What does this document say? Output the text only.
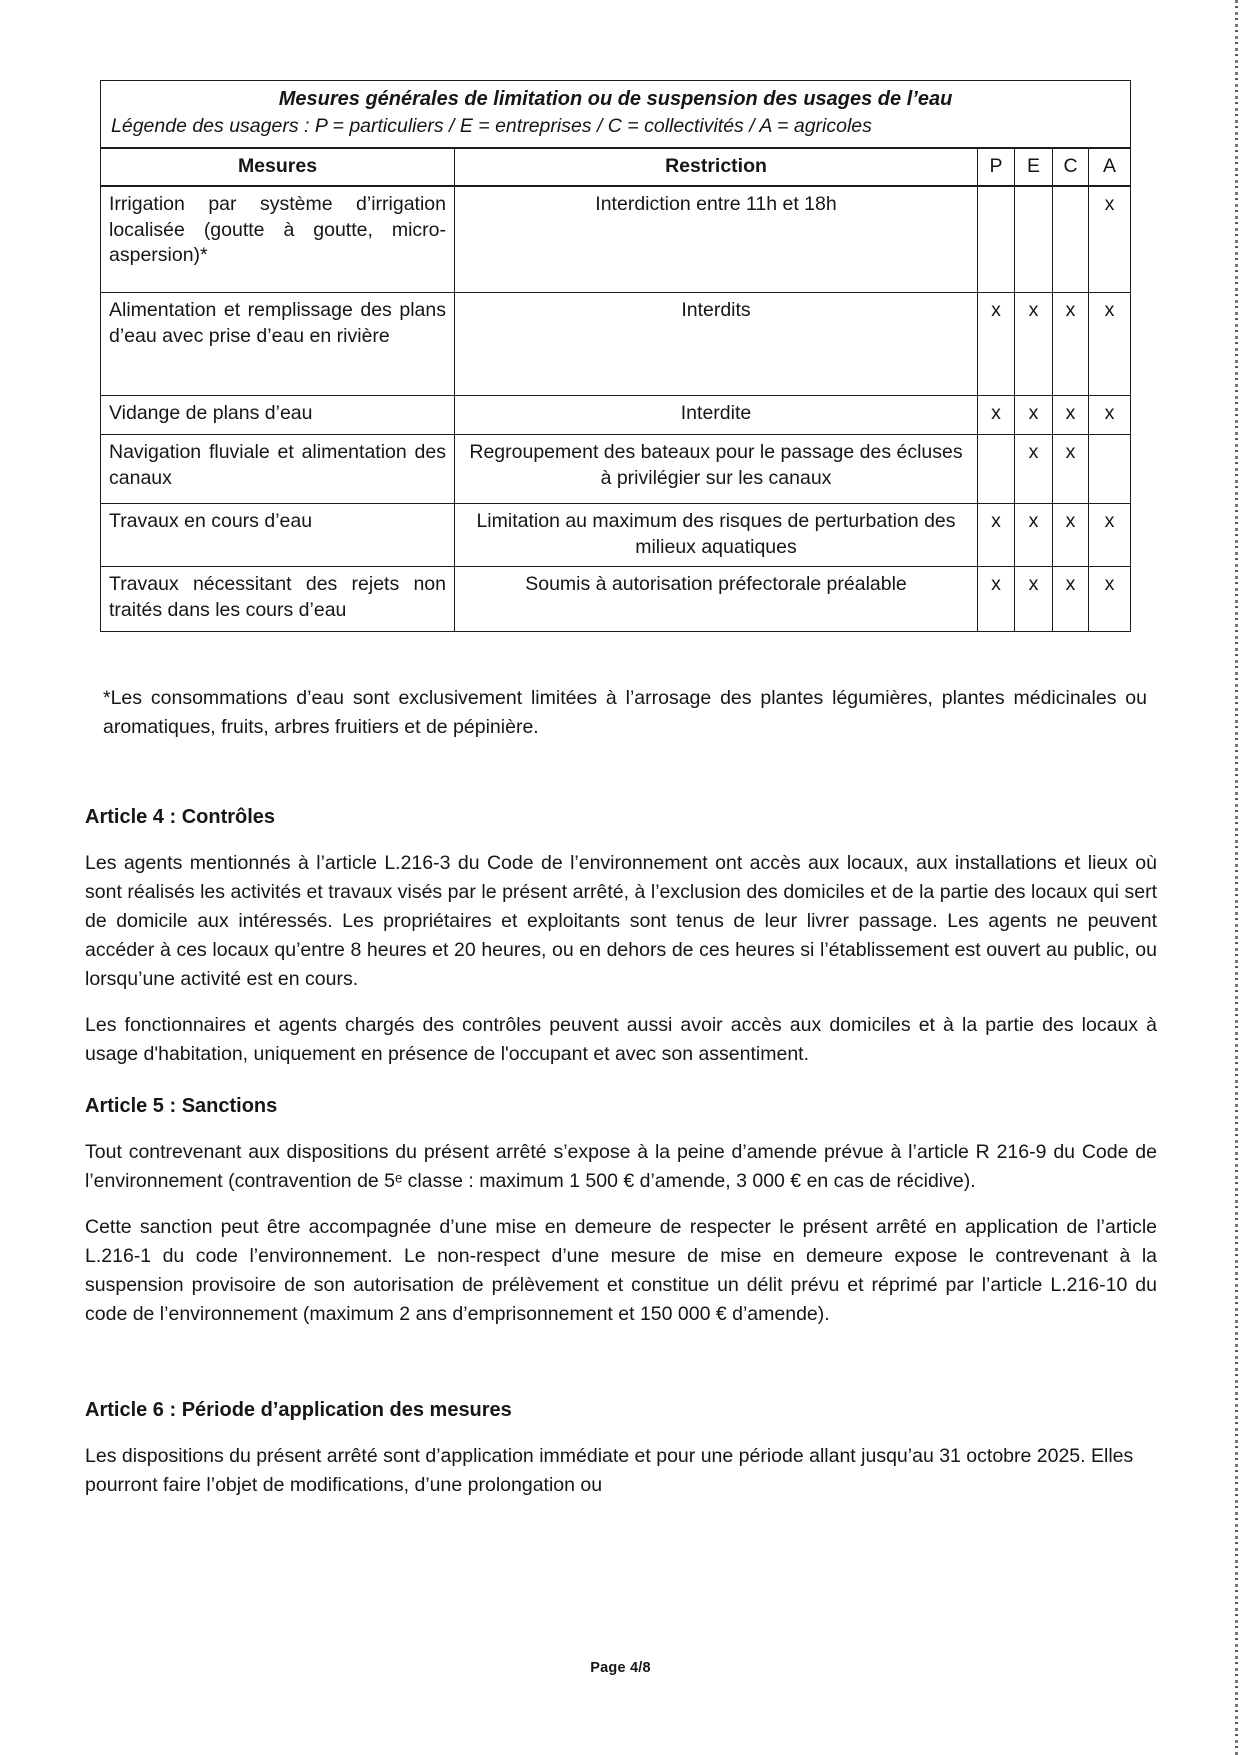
Mesures générales de limitation ou de suspension des usages de l’eau
Légende des usagers : P = particuliers / E = entreprises / C = collectivités / A = agricoles					

Mesures	Restriction	P	E	C	A
Irrigation par système d’irrigation localisée (goutte à goutte, micro-aspersion)*	Interdiction entre 11h et 18h				x
Alimentation et remplissage des plans d’eau avec prise d’eau en rivière	Interdits	x	x	x	x
Vidange de plans d’eau	Interdite	x	x	x	x
Navigation fluviale et alimentation des canaux	Regroupement des bateaux pour le passage des écluses à privilégier sur les canaux		x	x	
Travaux en cours d’eau	Limitation au maximum des risques de perturbation des milieux aquatiques	x	x	x	x
Travaux nécessitant des rejets non traités dans les cours d’eau	Soumis à autorisation préfectorale préalable	x	x	x	x

*Les consommations d’eau sont exclusivement limitées à l’arrosage des plantes légumières, plantes médicinales ou aromatiques, fruits, arbres fruitiers et de pépinière.

Article 4 : Contrôles

Les agents mentionnés à l’article L.216-3 du Code de l’environnement ont accès aux locaux, aux installations et lieux où sont réalisés les activités et travaux visés par le présent arrêté, à l’exclusion des domiciles et de la partie des locaux qui sert de domicile aux intéressés. Les propriétaires et exploitants sont tenus de leur livrer passage. Les agents ne peuvent accéder à ces locaux qu’entre 8 heures et 20 heures, ou en dehors de ces heures si l’établissement est ouvert au public, ou lorsqu’une activité est en cours.

Les fonctionnaires et agents chargés des contrôles peuvent aussi avoir accès aux domiciles et à la partie des locaux à usage d'habitation, uniquement en présence de l'occupant et avec son assentiment.

Article 5 : Sanctions

Tout contrevenant aux dispositions du présent arrêté s’expose à la peine d’amende prévue à l’article R 216-9 du Code de l’environnement (contravention de 5ᵉ classe : maximum 1 500 € d’amende, 3 000 € en cas de récidive).

Cette sanction peut être accompagnée d’une mise en demeure de respecter le présent arrêté en application de l’article L.216-1 du code l’environnement. Le non-respect d’une mesure de mise en demeure expose le contrevenant à la suspension provisoire de son autorisation de prélèvement et constitue un délit prévu et réprimé par l’article L.216-10 du code de l’environnement (maximum 2 ans d’emprisonnement et 150 000 € d’amende).

Article 6 : Période d’application des mesures

Les dispositions du présent arrêté sont d’application immédiate et pour une période allant jusqu’au 31 octobre 2025. Elles pourront faire l’objet de modifications, d’une prolongation ou

Page 4/8
